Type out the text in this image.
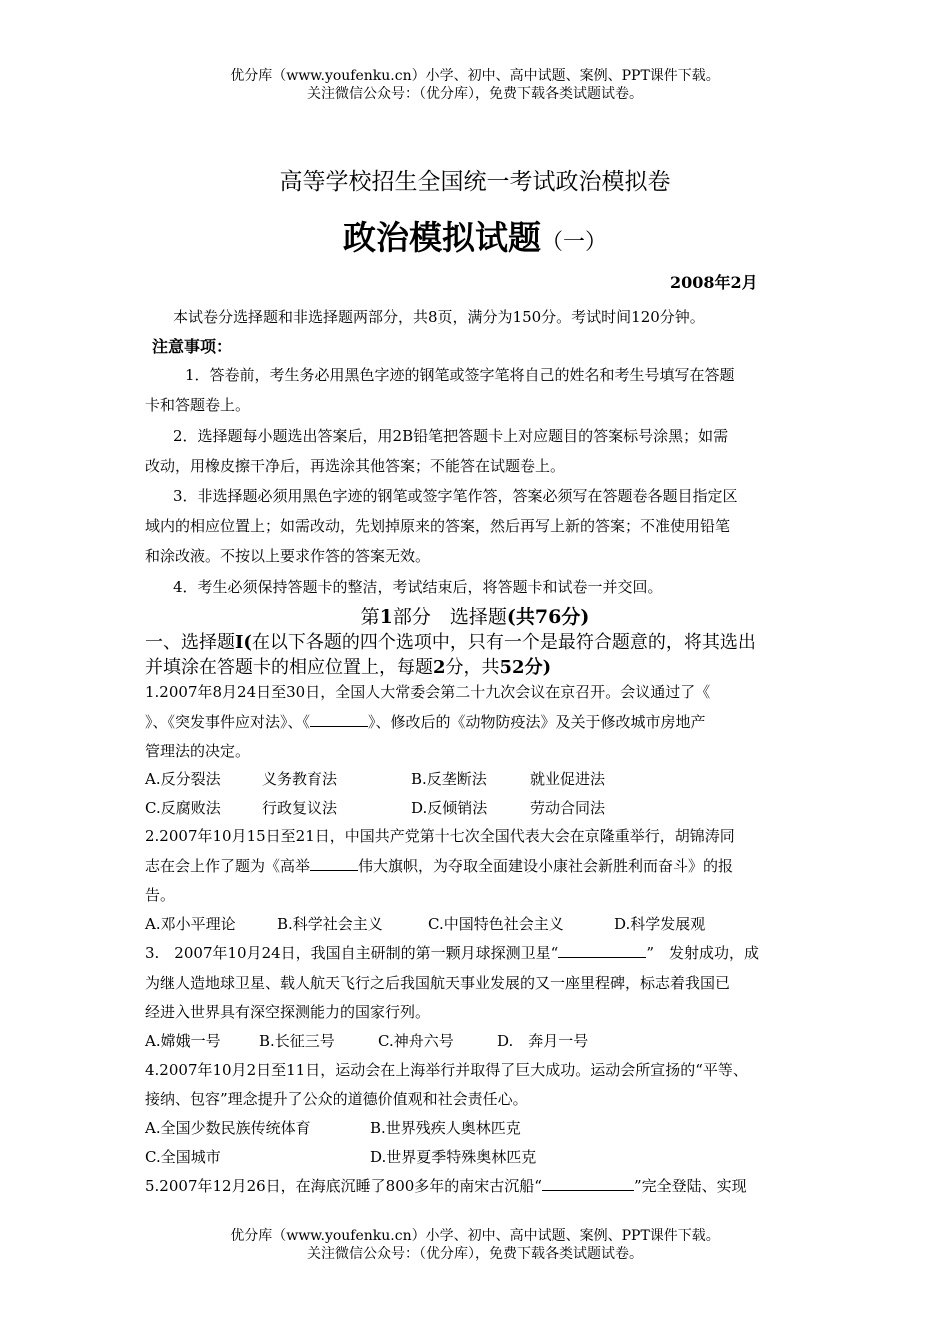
优分库（www.youfenku.cn）小学、初中、高中试题、案例、PPT课件下载。
关注微信公众号：（优分库），免费下载各类试题试卷。
高等学校招生全国统一考试政治模拟卷
政治模拟试题（一）
2008年2月
本试卷分选择题和非选择题两部分，共8页，满分为150分。考试时间120分钟。
注意事项：
1．答卷前，考生务必用黑色字迹的钢笔或签字笔将自己的姓名和考生号填写在答题
卡和答题卷上。
2．选择题每小题选出答案后，用2B铅笔把答题卡上对应题目的答案标号涂黑；如需
改动，用橡皮擦干净后，再选涂其他答案；不能答在试题卷上。
3．非选择题必须用黑色字迹的钢笔或签字笔作答，答案必须写在答题卷各题目指定区
域内的相应位置上；如需改动，先划掉原来的答案，然后再写上新的答案；不准使用铅笔
和涂改液。不按以上要求作答的答案无效。
4．考生必须保持答题卡的整洁，考试结束后，将答题卡和试卷一并交回。
第1部分　选择题(共76分)
一、选择题I(在以下各题的四个选项中，只有一个是最符合题意的，将其选出
并填涂在答题卡的相应位置上，每题2分，共52分)
1.2007年8月24日至30日，全国人大常委会第二十九次会议在京召开。会议通过了《
》、《突发事件应对法》、《	》、修改后的《动物防疫法》及关于修改城市房地产
管理法的决定。
A.反分裂法	义务教育法	B.反垄断法	就业促进法
C.反腐败法	行政复议法	D.反倾销法	劳动合同法
2.2007年10月15日至21日，中国共产党第十七次全国代表大会在京隆重举行，胡锦涛同
志在会上作了题为《高举	伟大旗帜，为夺取全面建设小康社会新胜利而奋斗》的报
告。
A.邓小平理论	B.科学社会主义	C.中国特色社会主义	D.科学发展观
3.　2007年10月24日，我国自主研制的第一颗月球探测卫星“	”　发射成功，成
为继人造地球卫星、载人航天飞行之后我国航天事业发展的又一座里程碑，标志着我国已
经进入世界具有深空探测能力的国家行列。
A.嫦娥一号	B.长征三号	C.神舟六号	D.　奔月一号
4.2007年10月2日至11日，运动会在上海举行并取得了巨大成功。运动会所宣扬的“平等、
接纳、包容”理念提升了公众的道德价值观和社会责任心。
A.全国少数民族传统体育	B.世界残疾人奥林匹克
C.全国城市	D.世界夏季特殊奥林匹克
5.2007年12月26日，在海底沉睡了800多年的南宋古沉船“	”完全登陆、实现
优分库（www.youfenku.cn）小学、初中、高中试题、案例、PPT课件下载。
关注微信公众号：（优分库），免费下载各类试题试卷。
